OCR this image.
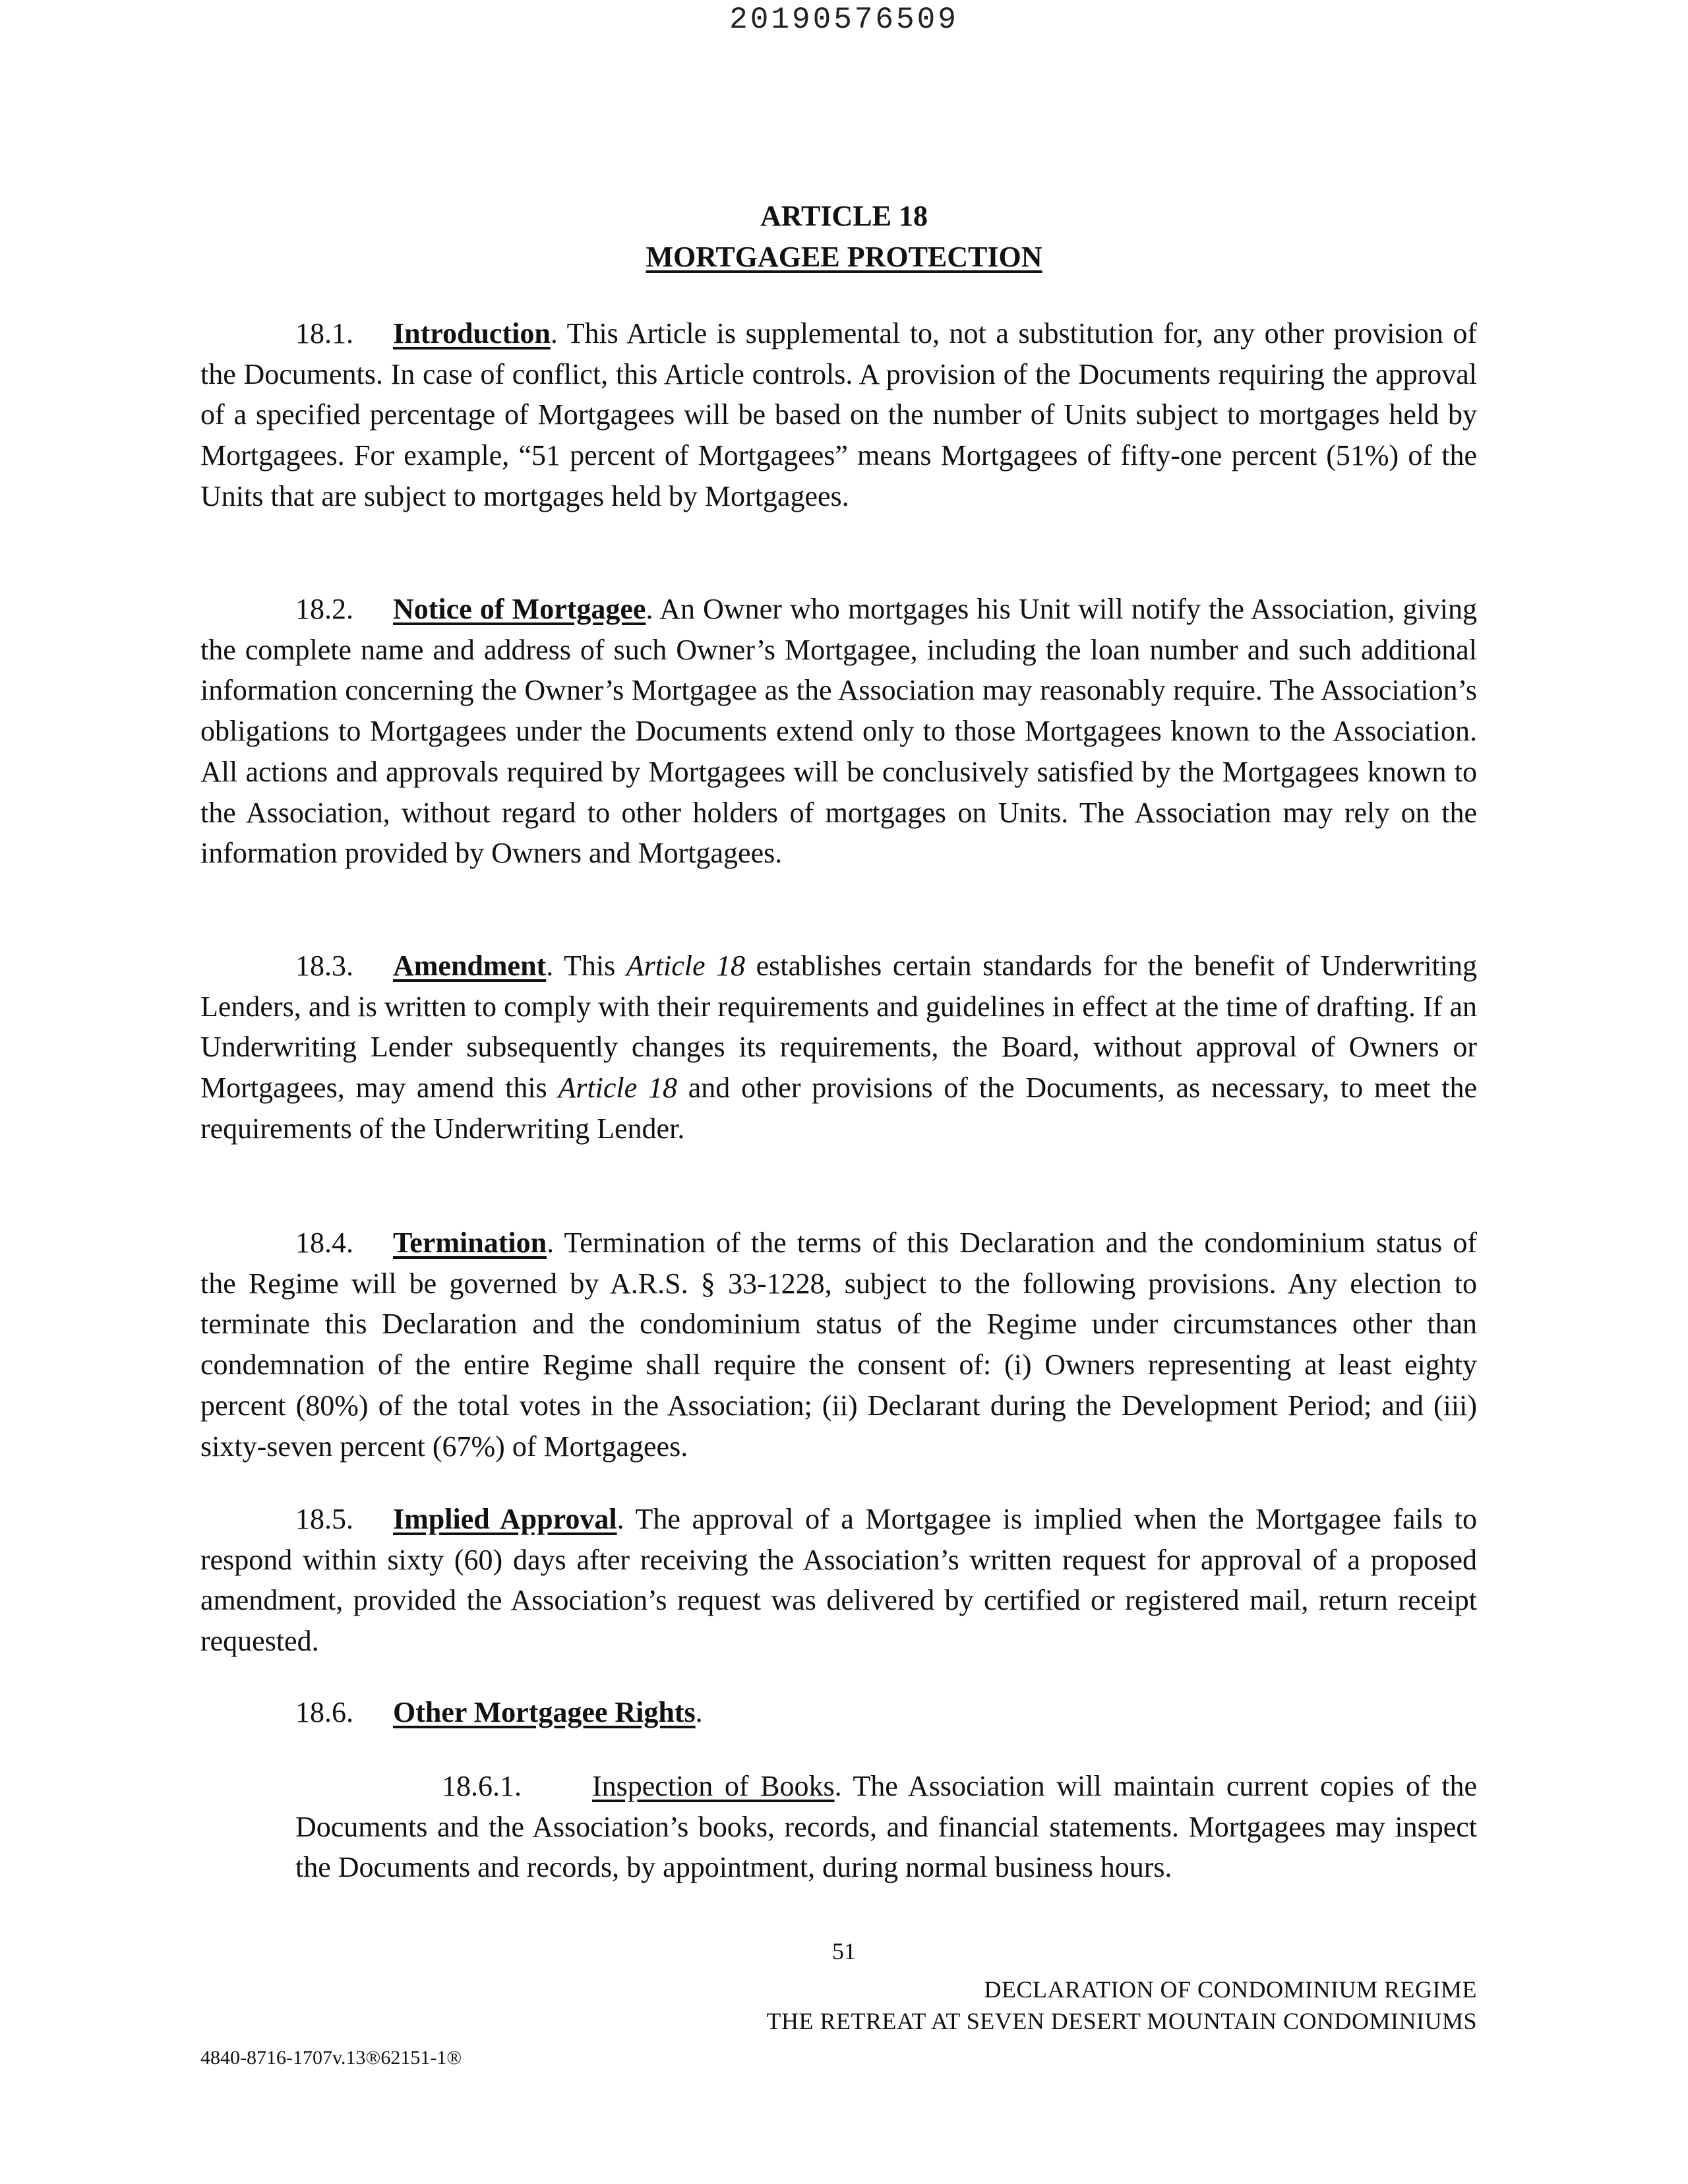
20190576509
ARTICLE 18
MORTGAGEE PROTECTION

18.1. Introduction. This Article is supplemental to, not a substitution for, any other provision of the Documents. In case of conflict, this Article controls. A provision of the Documents requiring the approval of a specified percentage of Mortgagees will be based on the number of Units subject to mortgages held by Mortgagees. For example, “51 percent of Mortgagees” means Mortgagees of fifty-one percent (51%) of the Units that are subject to mortgages held by Mortgagees.

18.2. Notice of Mortgagee. An Owner who mortgages his Unit will notify the Association, giving the complete name and address of such Owner’s Mortgagee, including the loan number and such additional information concerning the Owner’s Mortgagee as the Association may reasonably require. The Association’s obligations to Mortgagees under the Documents extend only to those Mortgagees known to the Association. All actions and approvals required by Mortgagees will be conclusively satisfied by the Mortgagees known to the Association, without regard to other holders of mortgages on Units. The Association may rely on the information provided by Owners and Mortgagees.

18.3. Amendment. This Article 18 establishes certain standards for the benefit of Underwriting Lenders, and is written to comply with their requirements and guidelines in effect at the time of drafting. If an Underwriting Lender subsequently changes its requirements, the Board, without approval of Owners or Mortgagees, may amend this Article 18 and other provisions of the Documents, as necessary, to meet the requirements of the Underwriting Lender.

18.4. Termination. Termination of the terms of this Declaration and the condominium status of the Regime will be governed by A.R.S. § 33-1228, subject to the following provisions. Any election to terminate this Declaration and the condominium status of the Regime under circumstances other than condemnation of the entire Regime shall require the consent of: (i) Owners representing at least eighty percent (80%) of the total votes in the Association; (ii) Declarant during the Development Period; and (iii) sixty-seven percent (67%) of Mortgagees.

18.5. Implied Approval. The approval of a Mortgagee is implied when the Mortgagee fails to respond within sixty (60) days after receiving the Association’s written request for approval of a proposed amendment, provided the Association’s request was delivered by certified or registered mail, return receipt requested.

18.6. Other Mortgagee Rights.

18.6.1. Inspection of Books. The Association will maintain current copies of the Documents and the Association’s books, records, and financial statements. Mortgagees may inspect the Documents and records, by appointment, during normal business hours.

51
DECLARATION OF CONDOMINIUM REGIME
THE RETREAT AT SEVEN DESERT MOUNTAIN CONDOMINIUMS
4840-8716-1707v.13®62151-1®
